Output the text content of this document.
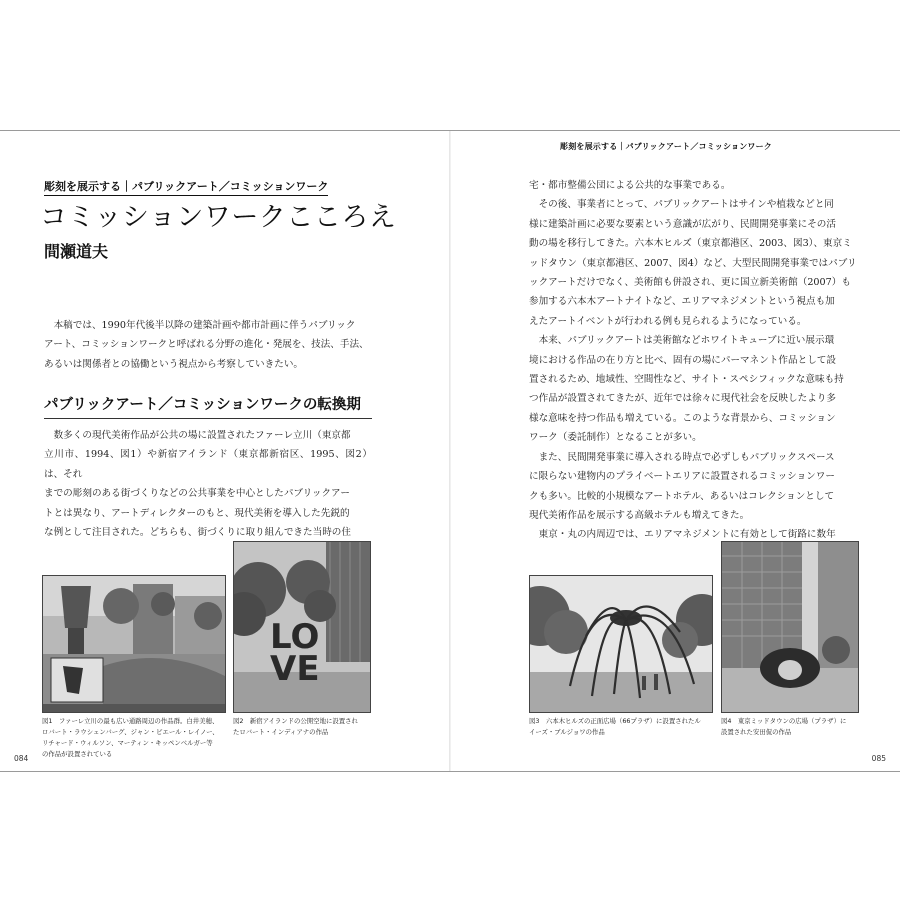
彫刻を展示する｜パブリックアート／コミッションワーク
彫刻を展示する｜パブリックアート／コミッションワーク
コミッションワークこころえ
間瀬道夫

本稿では、1990年代後半以降の建築計画や都市計画に伴うパブリック
アート、コミッションワークと呼ばれる分野の進化・発展を、技法、手法、
あるいは関係者との協働という視点から考察していきたい。

パブリックアート／コミッションワークの転換期

数多くの現代美術作品が公共の場に設置されたファーレ立川（東京都
立川市、1994、図1）や新宿アイランド（東京都新宿区、1995、図2）は、それ
までの彫刻のある街づくりなどの公共事業を中心としたパブリックアー
トとは異なり、アートディレクターのもと、現代美術を導入した先鋭的
な例として注目された。どちらも、街づくりに取り組んできた当時の住

図1　ファーレ立川の最も広い通路周辺の作品群。白井美穂、
ロバート・ラウシェンバーグ、ジャン・ピエール・レイノー、
リチャード・ウィルソン、マーティン・キッペンベルガー等
の作品が設置されている
LO
VE
図2　新宿アイランドの公開空地に設置され
たロバート・インディアナの作品
084

宅・都市整備公団による公共的な事業である。
その後、事業者にとって、パブリックアートはサインや植栽などと同
様に建築計画に必要な要素という意識が広がり、民間開発事業にその活
動の場を移行してきた。六本木ヒルズ（東京都港区、2003、図3）、東京ミ
ッドタウン（東京都港区、2007、図4）など、大型民間開発事業ではパブリ
ックアートだけでなく、美術館も併設され、更に国立新美術館（2007）も
参加する六本木アートナイトなど、エリアマネジメントという視点も加
えたアートイベントが行われる例も見られるようになっている。
本来、パブリックアートは美術館などホワイトキューブに近い展示環
境における作品の在り方と比べ、固有の場にパーマネント作品として設
置されるため、地域性、空間性など、サイト・スペシフィックな意味も持
つ作品が設置されてきたが、近年では徐々に現代社会を反映したより多
様な意味を持つ作品も増えている。このような背景から、コミッション
ワーク（委託制作）となることが多い。
また、民間開発事業に導入される時点で必ずしもパブリックスペース
に限らない建物内のプライベートエリアに設置されるコミッションワー
クも多い。比較的小規模なアートホテル、あるいはコレクションとして
現代美術作品を展示する高級ホテルも増えてきた。
東京・丸の内周辺では、エリアマネジメントに有効として街路に数年

図3　六本木ヒルズの正面広場（66プラザ）に設置されたル
イーズ・ブルジョワの作品
図4　東京ミッドタウンの広場（プラザ）に
設置された安田侃の作品
085
